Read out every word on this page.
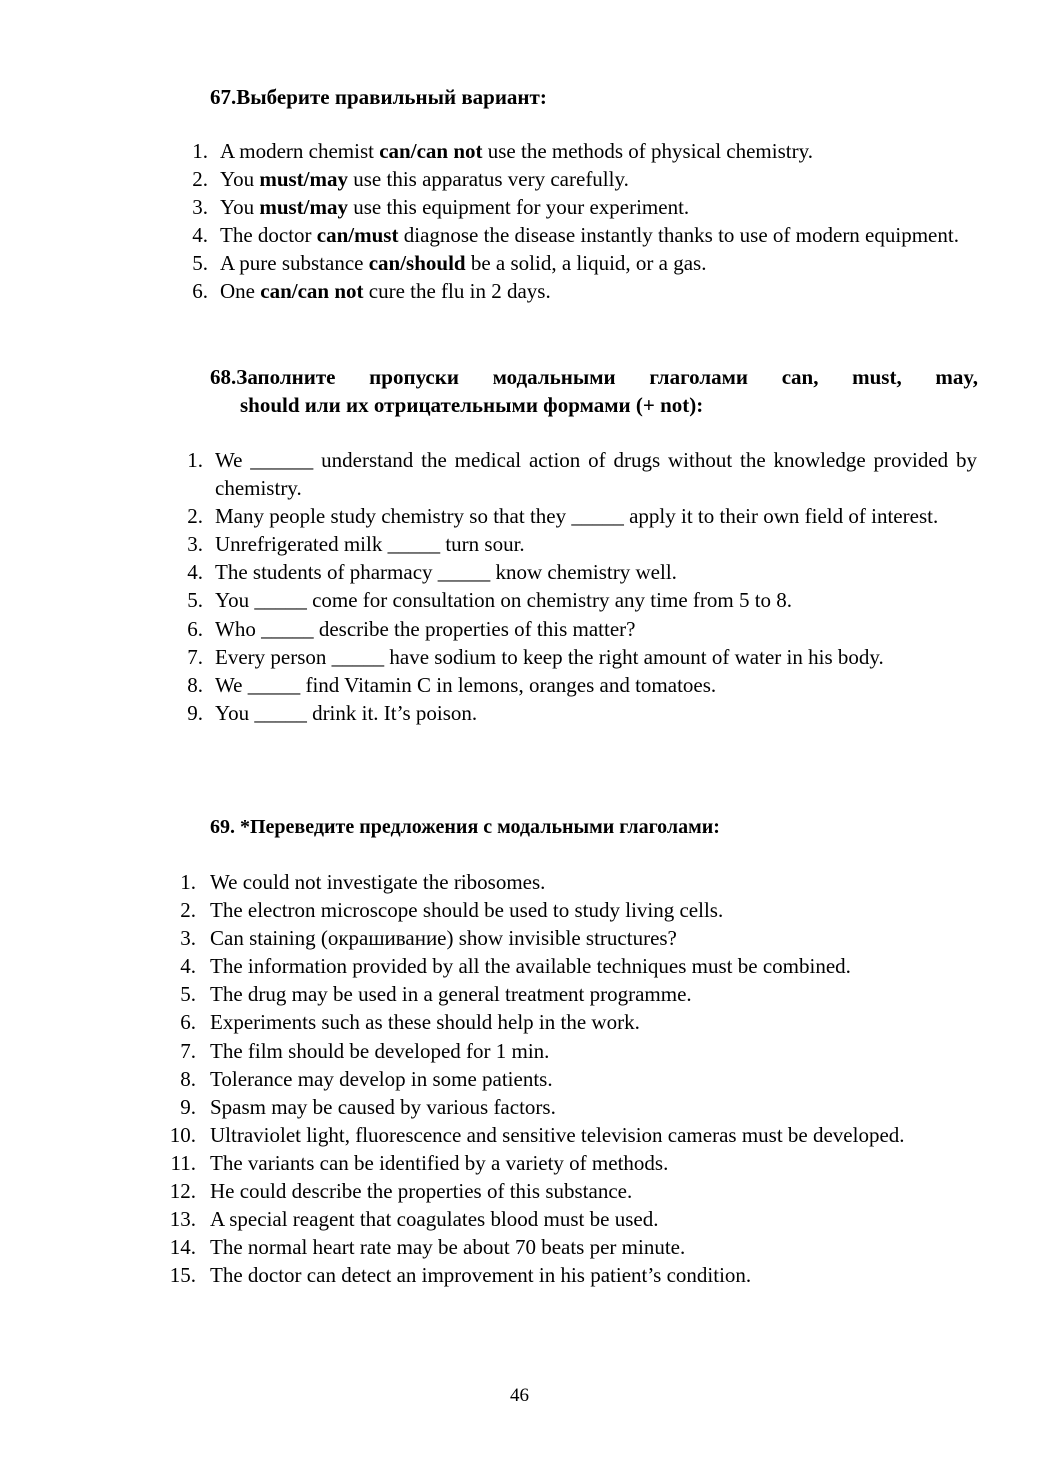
67.Выберите правильный вариант:
1. A modern chemist can/can not use the methods of physical chemistry.
2. You must/may use this apparatus very carefully.
3. You must/may use this equipment for your experiment.
4. The doctor can/must diagnose the disease instantly thanks to use of modern equipment.
5. A pure substance can/should be a solid, a liquid, or a gas.
6. One can/can not cure the flu in 2 days.
68.Заполните пропуски модальными глаголами can, must, may,
should или их отрицательными формами (+ not):
1. We ______ understand the medical action of drugs without the knowledge provided by chemistry.
2. Many people study chemistry so that they _____ apply it to their own field of interest.
3. Unrefrigerated milk _____ turn sour.
4. The students of pharmacy _____ know chemistry well.
5. You _____ come for consultation on chemistry any time from 5 to 8.
6. Who _____ describe the properties of this matter?
7. Every person _____ have sodium to keep the right amount of water in his body.
8. We _____ find Vitamin C in lemons, oranges and tomatoes.
9. You _____ drink it. It’s poison.
69. *Переведите предложения с модальными глаголами:
1. We could not investigate the ribosomes.
2. The electron microscope should be used to study living cells.
3. Can staining (окрашивание) show invisible structures?
4. The information provided by all the available techniques must be combined.
5. The drug may be used in a general treatment programme.
6. Experiments such as these should help in the work.
7. The film should be developed for 1 min.
8. Tolerance may develop in some patients.
9. Spasm may be caused by various factors.
10. Ultraviolet light, fluorescence and sensitive television cameras must be developed.
11. The variants can be identified by a variety of methods.
12. He could describe the properties of this substance.
13. A special reagent that coagulates blood must be used.
14. The normal heart rate may be about 70 beats per minute.
15. The doctor can detect an improvement in his patient’s condition.
46
